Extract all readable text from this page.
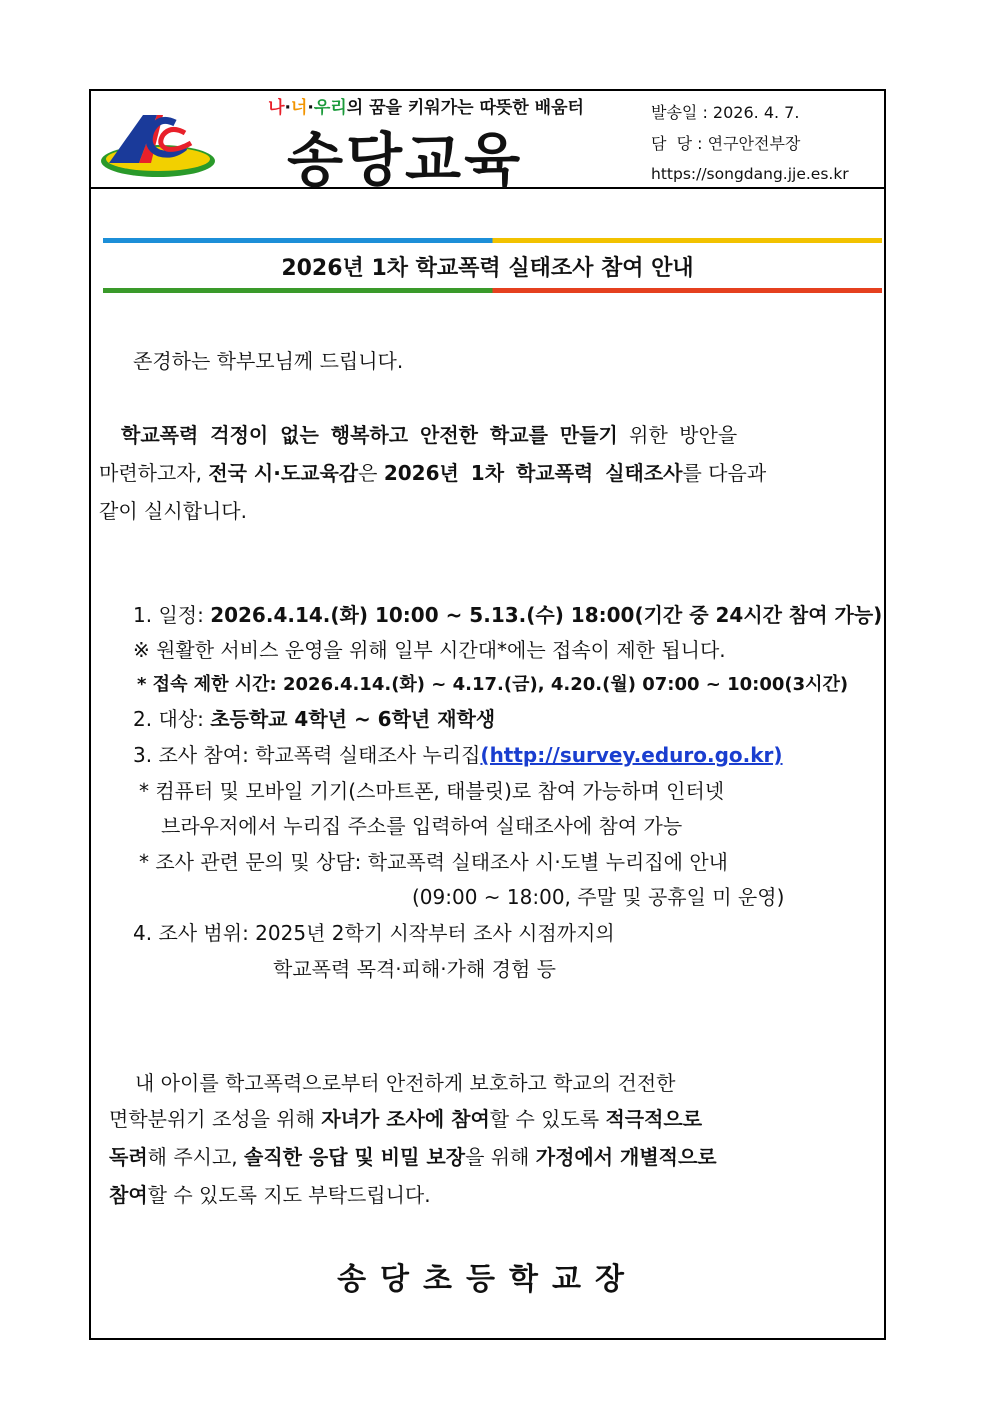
나·너·우리의 꿈을 키워가는 따뜻한 배움터
송당교육
발송일 : 2026. 4. 7.
담  당 : 연구안전부장
https://songdang.jje.es.kr
2026년 1차 학교폭력 실태조사 참여 안내
존경하는 학부모님께 드립니다.
학교폭력 걱정이 없는 행복하고 안전한 학교를 만들기 위한 방안을
마련하고자, 전국 시·도교육감은 2026년 1차 학교폭력 실태조사를 다음과
같이 실시합니다.
1. 일정: 2026.4.14.(화) 10:00 ~ 5.13.(수) 18:00(기간 중 24시간 참여 가능)
※ 원활한 서비스 운영을 위해 일부 시간대*에는 접속이 제한 됩니다.
* 접속 제한 시간: 2026.4.14.(화) ~ 4.17.(금), 4.20.(월) 07:00 ~ 10:00(3시간)
2. 대상: 초등학교 4학년 ~ 6학년 재학생
3. 조사 참여: 학교폭력 실태조사 누리집(http://survey.eduro.go.kr)
* 컴퓨터 및 모바일 기기(스마트폰, 태블릿)로 참여 가능하며 인터넷
브라우저에서 누리집 주소를 입력하여 실태조사에 참여 가능
* 조사 관련 문의 및 상담: 학교폭력 실태조사 시·도별 누리집에 안내
(09:00 ~ 18:00, 주말 및 공휴일 미 운영)
4. 조사 범위: 2025년 2학기 시작부터 조사 시점까지의
학교폭력 목격·피해·가해 경험 등
내 아이를 학고폭력으로부터 안전하게 보호하고 학교의 건전한
면학분위기 조성을 위해 자녀가 조사에 참여할 수 있도록 적극적으로
독려해 주시고, 솔직한 응답 및 비밀 보장을 위해 가정에서 개별적으로
참여할 수 있도록 지도 부탁드립니다.
송당초등학교장
